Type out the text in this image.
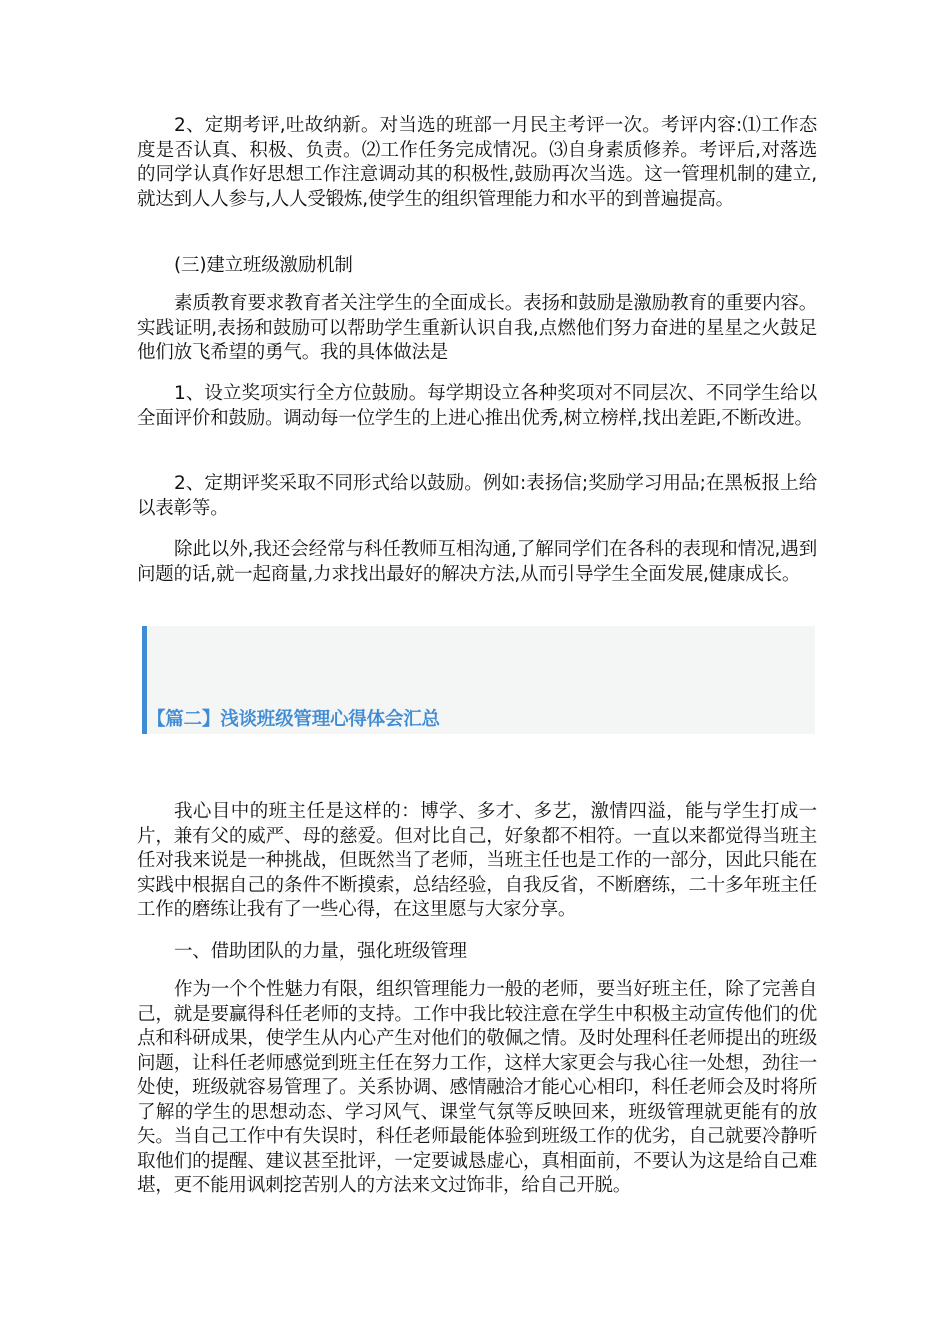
2、定期考评,吐故纳新。对当选的班部一月民主考评一次。考评内容:⑴工作态度是否认真、积极、负责。⑵工作任务完成情况。⑶自身素质修养。考评后,对落选的同学认真作好思想工作注意调动其的积极性,鼓励再次当选。这一管理机制的建立,就达到人人参与,人人受锻炼,使学生的组织管理能力和水平的到普遍提高。

(三)建立班级激励机制

素质教育要求教育者关注学生的全面成长。表扬和鼓励是激励教育的重要内容。实践证明,表扬和鼓励可以帮助学生重新认识自我,点燃他们努力奋进的星星之火鼓足他们放飞希望的勇气。我的具体做法是

1、设立奖项实行全方位鼓励。每学期设立各种奖项对不同层次、不同学生给以全面评价和鼓励。调动每一位学生的上进心推出优秀,树立榜样,找出差距,不断改进。

2、定期评奖采取不同形式给以鼓励。例如:表扬信;奖励学习用品;在黑板报上给以表彰等。

除此以外,我还会经常与科任教师互相沟通,了解同学们在各科的表现和情况,遇到问题的话,就一起商量,力求找出最好的解决方法,从而引导学生全面发展,健康成长。

【篇二】浅谈班级管理心得体会汇总

我心目中的班主任是这样的：博学、多才、多艺，激情四溢，能与学生打成一片，兼有父的威严、母的慈爱。但对比自己，好象都不相符。一直以来都觉得当班主任对我来说是一种挑战，但既然当了老师，当班主任也是工作的一部分，因此只能在实践中根据自己的条件不断摸索，总结经验，自我反省，不断磨练，二十多年班主任工作的磨练让我有了一些心得，在这里愿与大家分享。

一、借助团队的力量，强化班级管理

作为一个个性魅力有限，组织管理能力一般的老师，要当好班主任，除了完善自己，就是要赢得科任老师的支持。工作中我比较注意在学生中积极主动宣传他们的优点和科研成果，使学生从内心产生对他们的敬佩之情。及时处理科任老师提出的班级问题，让科任老师感觉到班主任在努力工作，这样大家更会与我心往一处想，劲往一处使，班级就容易管理了。关系协调、感情融洽才能心心相印，科任老师会及时将所了解的学生的思想动态、学习风气、课堂气氛等反映回来，班级管理就更能有的放矢。当自己工作中有失误时，科任老师最能体验到班级工作的优劣，自己就要冷静听取他们的提醒、建议甚至批评，一定要诚恳虚心，真相面前，不要认为这是给自己难堪，更不能用讽刺挖苦别人的方法来文过饰非，给自己开脱。
